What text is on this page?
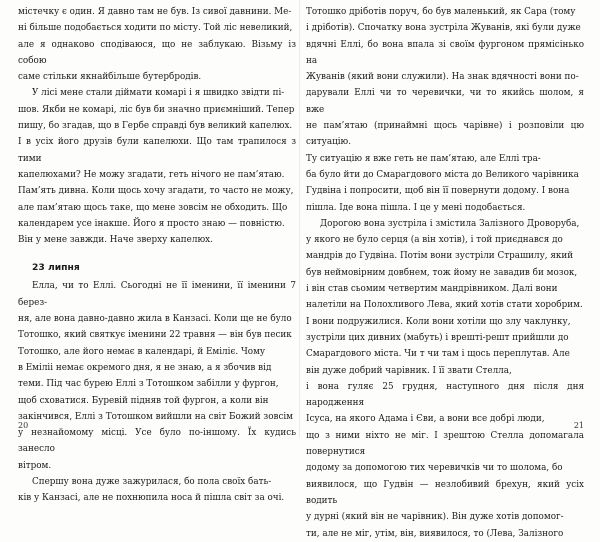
містечку є один. Я давно там не був. Із сивої давнини. Ме-
ні більше подобається ходити по місту. Той ліс невеликий,
але я однаково сподіваюся, що не заблукаю. Візьму із собою
саме стільки якнайбільше бутербродів.

У лісі мене стали діймати комарі і я швидко звідти пі-
шов. Якби не комарі, ліс був би значно приємніший. Тепер
пишу, бо згадав, що в Гербе справді був великий капелюх.
І в усіх його друзів були капелюхи. Що там трапилося з тими
капелюхами? Не можу згадати, геть нічого не пам’ятаю.
Пам’ять дивна. Коли щось хочу згадати, то часто не можу,
але пам’ятаю щось таке, що мене зовсім не обходить. Що
календарем усе інакше. Його я просто знаю — повністю.
Він у мене завжди. Наче зверху капелюх.

23 липня

Елла, чи то Еллі. Сьогодні не її іменини, її іменини 7 берез-
ня, але вона давно-давно жила в Канзасі. Коли ще не було
Тотошко, який святкує іменини 22 травня — він був песик
Тотошко, але його немає в календарі, й Еміліє. Чому
в Еміліі немає окремого дня, я не знаю, а я збочив від
теми. Під час бурею Еллі з Тотошком забілли у фургон,
щоб сховатися. Буревій підняв той фургон, а коли він
закінчився, Еллі з Тотошком вийшли на світ Божий зовсім
у незнайомому місці. Усе було по-іншому. Їх кудись занесло
вітром.

Спершу вона дуже зажурилася, бо пола своїх бать-
ків у Канзасі, але не похнюпила носа й пішла світ за очі.

Тотошко дріботів поруч, бо був маленький, як Сара (тому
і дріботів). Спочатку вона зустріла Жуванів, які були дуже
вдячні Еллі, бо вона впала зі своїм фургоном прямісінько на
Жуванів (який вони служили). На знак вдячності вони по-
дарували Еллі чи то черевички, чи то якийсь шолом, я вже
не пам’ятаю (принаймні щось чарівне) і розповіли цю ситуацію.
Ту ситуацію я вже геть не пам’ятаю, але Еллі тра-
ба було йти до Смарагдового міста до Великого чарівника
Гудвіна і попросити, щоб він її повернути додому. І вона
пішла. Іде вона пішла. І це у мені подобається.

Дорогою вона зустріла і змістила Залізного Дроворуба,
у якого не було серця (а він хотів), і той приєднався до
мандрів до Гудвіна. Потім вони зустріли Страшилу, який
був неймовірним довбнем, тож йому не завадив би мозок,
і він став сьомим четвертим мандрівником. Далі вони
налетіли на Полохливого Лева, який хотів стати хоробрим.
І вони подружилися. Коли вони хотіли що злу чаклунку,
зустріли цих дивних (мабуть) і врешті-решт прийшли до
Смарагдового міста. Чи т чи там і щось переплутав. Але
він дуже добрий чарівник. І її звати Стелла,
і вона гуляє 25 грудня, наступного дня після дня народження
Ісуса, на якого Адама і Єви, а вони все добрі люди,
що з ними ніхто не міг. І зрештою Стелла допомагала повернутися
додому за допомогою тих черевичків чи то шолома, бо
виявилося, що Гудвін — незлобивий брехун, який усіх водить
у дурні (який він не чарівник). Він дуже хотів допомог-
ти, але не міг, утім, він, виявилося, то (Лева, Залізного

20	21
